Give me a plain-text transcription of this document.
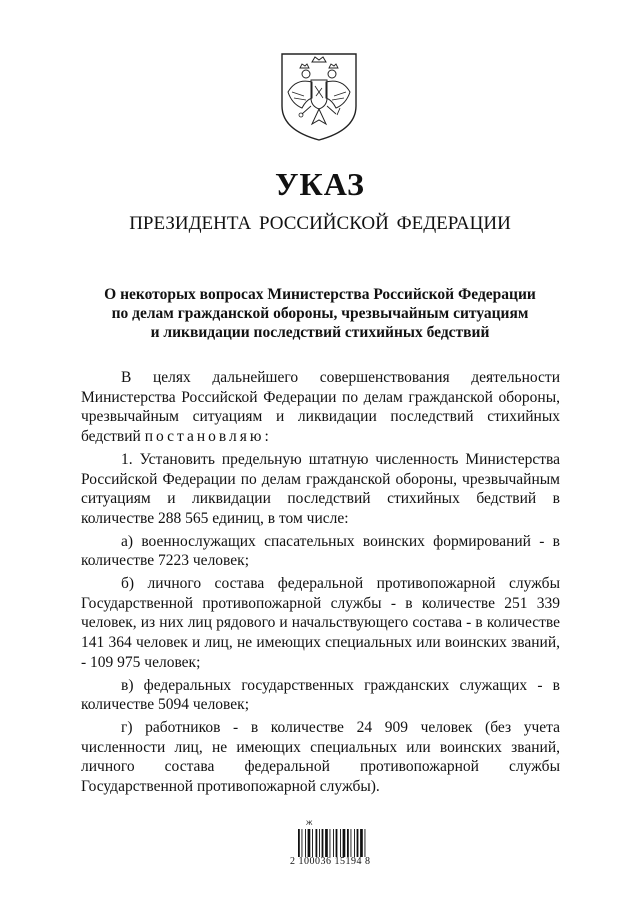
УКАЗ
ПРЕЗИДЕНТА РОССИЙСКОЙ ФЕДЕРАЦИИ
О некоторых вопросах Министерства Российской Федерации
по делам гражданской обороны, чрезвычайным ситуациям
и ликвидации последствий стихийных бедствий

В целях дальнейшего совершенствования деятельности Министерства Российской Федерации по делам гражданской обороны, чрезвычайным ситуациям и ликвидации последствий стихийных бедствий постановляю:

1. Установить предельную штатную численность Министерства Российской Федерации по делам гражданской обороны, чрезвычайным ситуациям и ликвидации последствий стихийных бедствий в количестве 288 565 единиц, в том числе:

а) военнослужащих спасательных воинских формирований - в количестве 7223 человек;

б) личного состава федеральной противопожарной службы Государственной противопожарной службы - в количестве 251 339 человек, из них лиц рядового и начальствующего состава - в количестве 141 364 человек и лиц, не имеющих специальных или воинских званий, - 109 975 человек;

в) федеральных государственных гражданских служащих - в количестве 5094 человек;

г) работников - в количестве 24 909 человек (без учета численности лиц, не имеющих специальных или воинских званий, личного состава федеральной противопожарной службы Государственной противопожарной службы).

Ж
2 100036 15194 8
